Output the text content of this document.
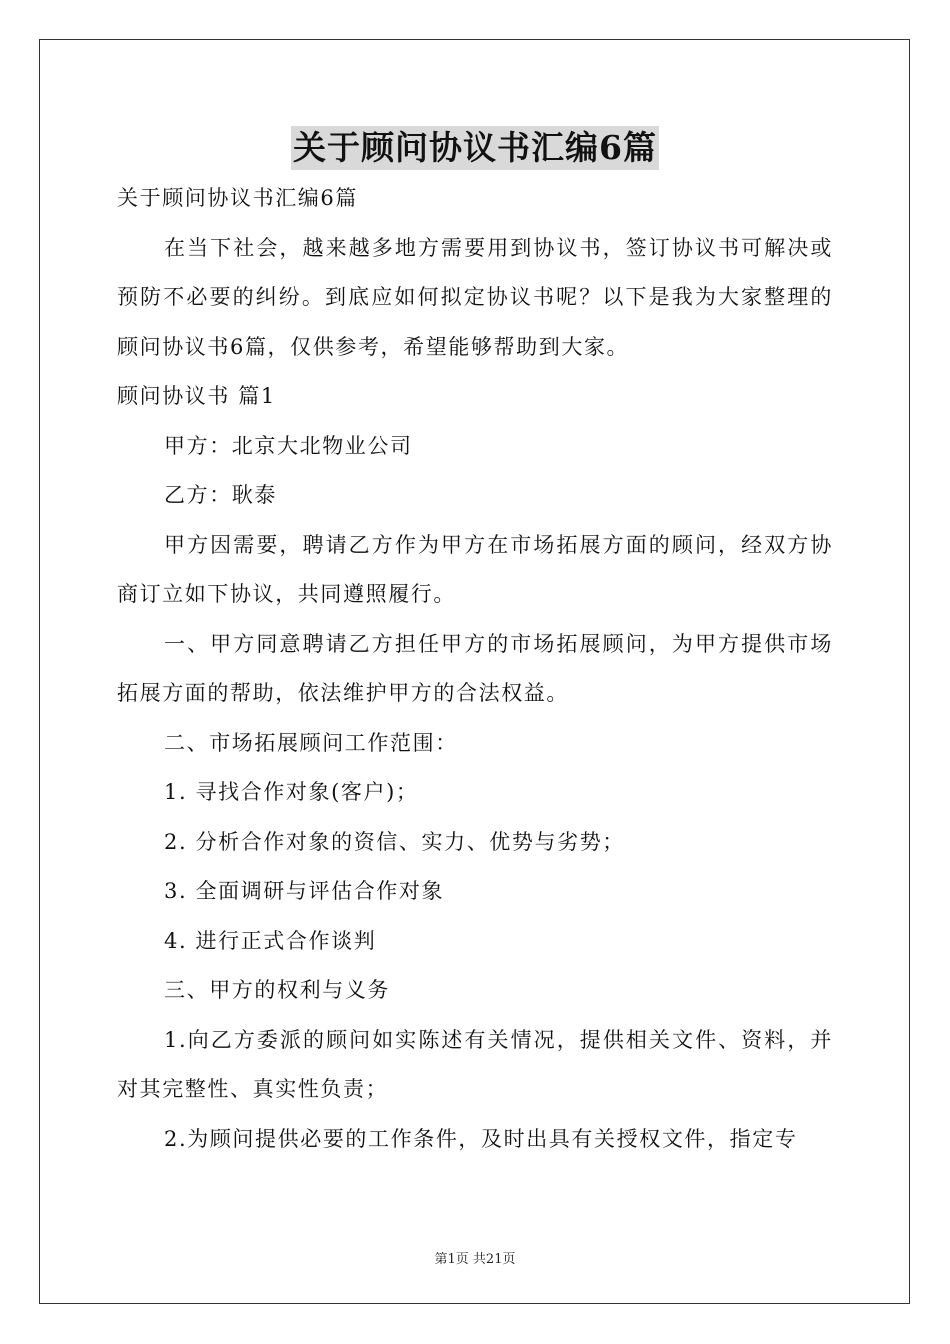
关于顾问协议书汇编6篇

关于顾问协议书汇编6篇

在当下社会，越来越多地方需要用到协议书，签订协议书可解决或预防不必要的纠纷。到底应如何拟定协议书呢？以下是我为大家整理的顾问协议书6篇，仅供参考，希望能够帮助到大家。

顾问协议书 篇1

甲方：北京大北物业公司

乙方：耿泰

甲方因需要，聘请乙方作为甲方在市场拓展方面的顾问，经双方协商订立如下协议，共同遵照履行。

一、甲方同意聘请乙方担任甲方的市场拓展顾问，为甲方提供市场拓展方面的帮助，依法维护甲方的合法权益。

二、市场拓展顾问工作范围：

1. 寻找合作对象(客户)；

2. 分析合作对象的资信、实力、优势与劣势；

3. 全面调研与评估合作对象

4. 进行正式合作谈判

三、甲方的权利与义务

1.向乙方委派的顾问如实陈述有关情况，提供相关文件、资料，并对其完整性、真实性负责；

2.为顾问提供必要的工作条件，及时出具有关授权文件，指定专

第1页 共21页
